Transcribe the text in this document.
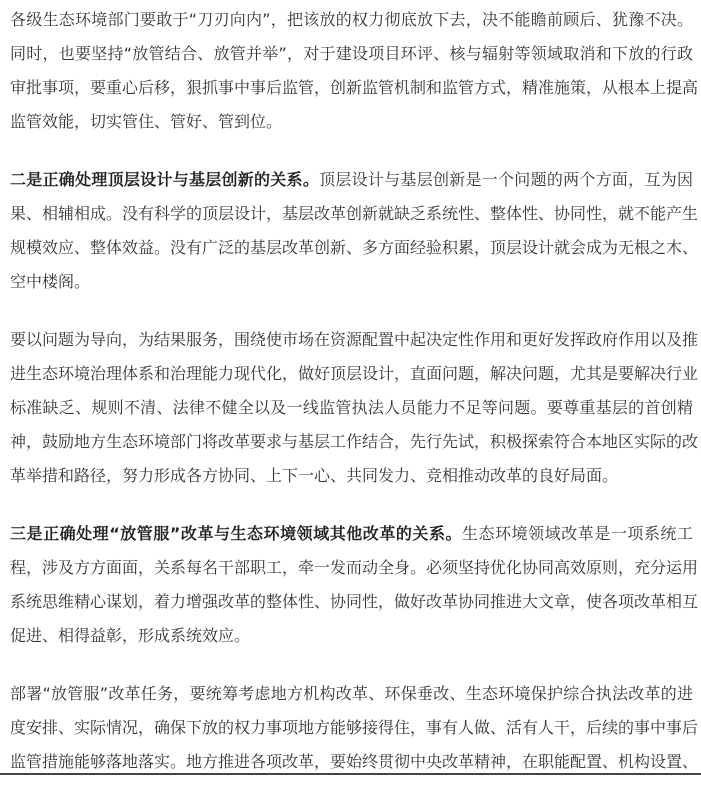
各级生态环境部门要敢于“刀刃向内”，把该放的权力彻底放下去，决不能瞻前顾后、犹豫不决。
同时，也要坚持“放管结合、放管并举”，对于建设项目环评、核与辐射等领域取消和下放的行政
审批事项，要重心后移，狠抓事中事后监管，创新监管机制和监管方式，精准施策，从根本上提高
监管效能，切实管住、管好、管到位。

二是正确处理顶层设计与基层创新的关系。顶层设计与基层创新是一个问题的两个方面，互为因
果、相辅相成。没有科学的顶层设计，基层改革创新就缺乏系统性、整体性、协同性，就不能产生
规模效应、整体效益。没有广泛的基层改革创新、多方面经验积累，顶层设计就会成为无根之木、
空中楼阁。

要以问题为导向，为结果服务，围绕使市场在资源配置中起决定性作用和更好发挥政府作用以及推
进生态环境治理体系和治理能力现代化，做好顶层设计，直面问题，解决问题，尤其是要解决行业
标准缺乏、规则不清、法律不健全以及一线监管执法人员能力不足等问题。要尊重基层的首创精
神，鼓励地方生态环境部门将改革要求与基层工作结合，先行先试，积极探索符合本地区实际的改
革举措和路径，努力形成各方协同、上下一心、共同发力、竞相推动改革的良好局面。

三是正确处理“放管服”改革与生态环境领域其他改革的关系。生态环境领域改革是一项系统工
程，涉及方方面面，关系每名干部职工，牵一发而动全身。必须坚持优化协同高效原则，充分运用
系统思维精心谋划，着力增强改革的整体性、协同性，做好改革协同推进大文章，使各项改革相互
促进、相得益彰，形成系统效应。

部署“放管服”改革任务，要统筹考虑地方机构改革、环保垂改、生态环境保护综合执法改革的进
度安排、实际情况，确保下放的权力事项地方能够接得住，事有人做、活有人干，后续的事中事后
监管措施能够落地落实。地方推进各项改革，要始终贯彻中央改革精神，在职能配置、机构设置、
